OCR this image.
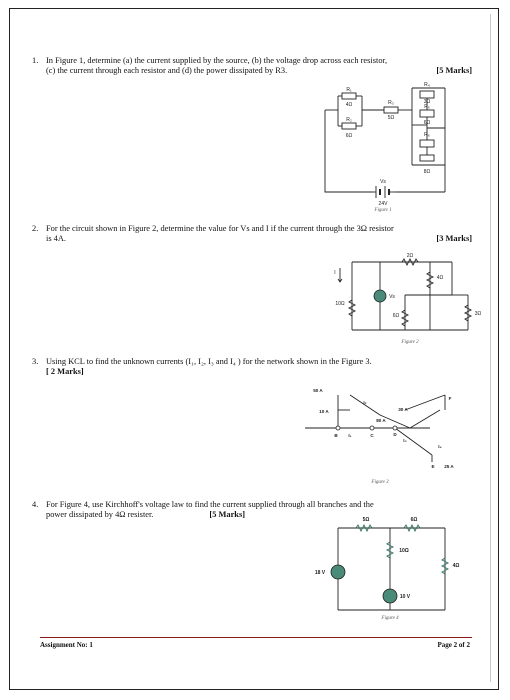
1. In Figure 1, determine (a) the current supplied by the source, (b) the voltage drop across each resistor,
(c) the current through each resistor and (d) the power dissipated by R3.	[5 Marks]
R₁
4Ω
R₂
6Ω
R₃
5Ω
R₄
3Ω
R₅
6Ω
R₆
8Ω
Vs
24V
Figure 1
2. For the circuit shown in Figure 2, determine the value for Vs and I if the current through the 3Ω resistor
is 4A.	[3 Marks]
2Ω
4Ω
10Ω
6Ω	3Ω
I
Vs
Figure 2
3. Using KCL to find the unknown currents (I₁, I₂, I₃ and I₄ ) for the network shown in the Figure 3.
[ 2 Marks]
50 A
10 A
I₂
30 A
80 A
F
I₄
I₁
I₃
B	C	D
E 25 A
Figure 3
4. For Figure 4, use Kirchhoff's voltage law to find the current supplied through all branches and the
power dissipated by 4Ω resister.	[5 Marks]
5Ω	6Ω
10Ω
4Ω
18 V
10 V
Figure 4
Assignment No: 1	Page 2 of 2
